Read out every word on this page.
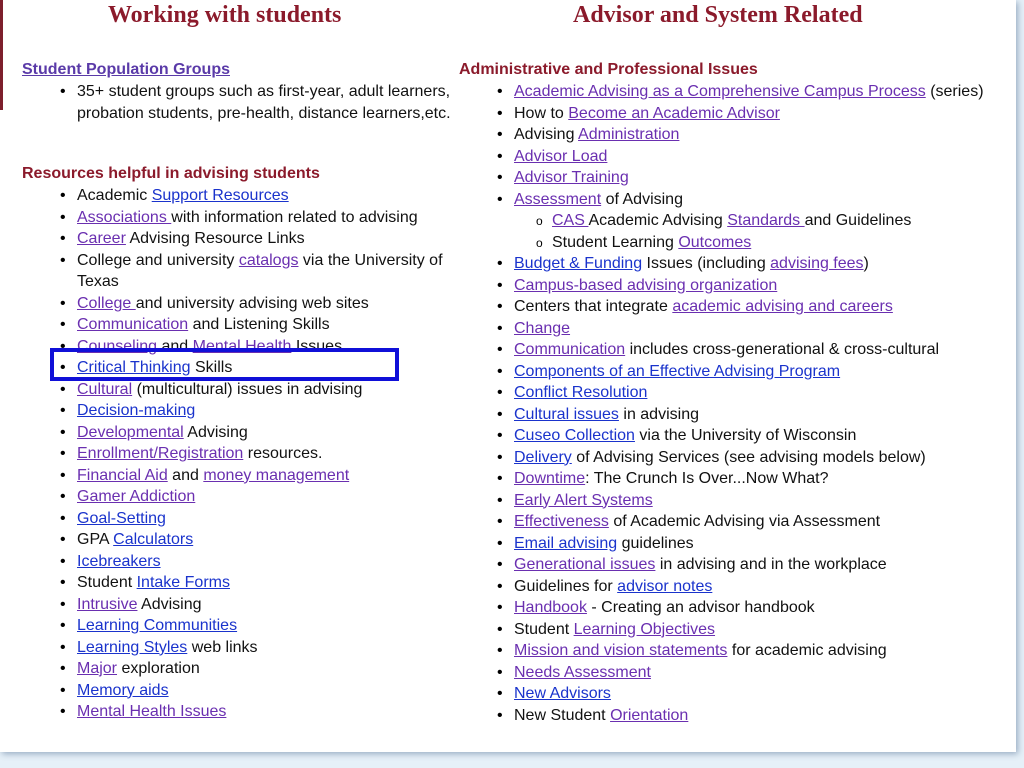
Working with students
Student Population Groups
• 35+ student groups such as first-year, adult learners, probation students, pre-health, distance learners,etc.
Resources helpful in advising students
• Academic Support Resources
• Associations with information related to advising
• Career Advising Resource Links
• College and university catalogs via the University of Texas
• College and university advising web sites
• Communication and Listening Skills
• Counseling and Mental Health Issues
• Critical Thinking Skills
• Cultural (multicultural) issues in advising
• Decision-making
• Developmental Advising
• Enrollment/Registration resources.
• Financial Aid and money management
• Gamer Addiction
• Goal-Setting
• GPA Calculators
• Icebreakers
• Student Intake Forms
• Intrusive Advising
• Learning Communities
• Learning Styles web links
• Major exploration
• Memory aids
• Mental Health Issues
Advisor and System Related
Administrative and Professional Issues
• Academic Advising as a Comprehensive Campus Process (series)
• How to Become an Academic Advisor
• Advising Administration
• Advisor Load
• Advisor Training
• Assessment of Advising
o CAS Academic Advising Standards and Guidelines
o Student Learning Outcomes
• Budget & Funding Issues (including advising fees)
• Campus-based advising organization
• Centers that integrate academic advising and careers
• Change
• Communication includes cross-generational & cross-cultural
• Components of an Effective Advising Program
• Conflict Resolution
• Cultural issues in advising
• Cuseo Collection via the University of Wisconsin
• Delivery of Advising Services (see advising models below)
• Downtime: The Crunch Is Over...Now What?
• Early Alert Systems
• Effectiveness of Academic Advising via Assessment
• Email advising guidelines
• Generational issues in advising and in the workplace
• Guidelines for advisor notes
• Handbook - Creating an advisor handbook
• Student Learning Objectives
• Mission and vision statements for academic advising
• Needs Assessment
• New Advisors
• New Student Orientation
